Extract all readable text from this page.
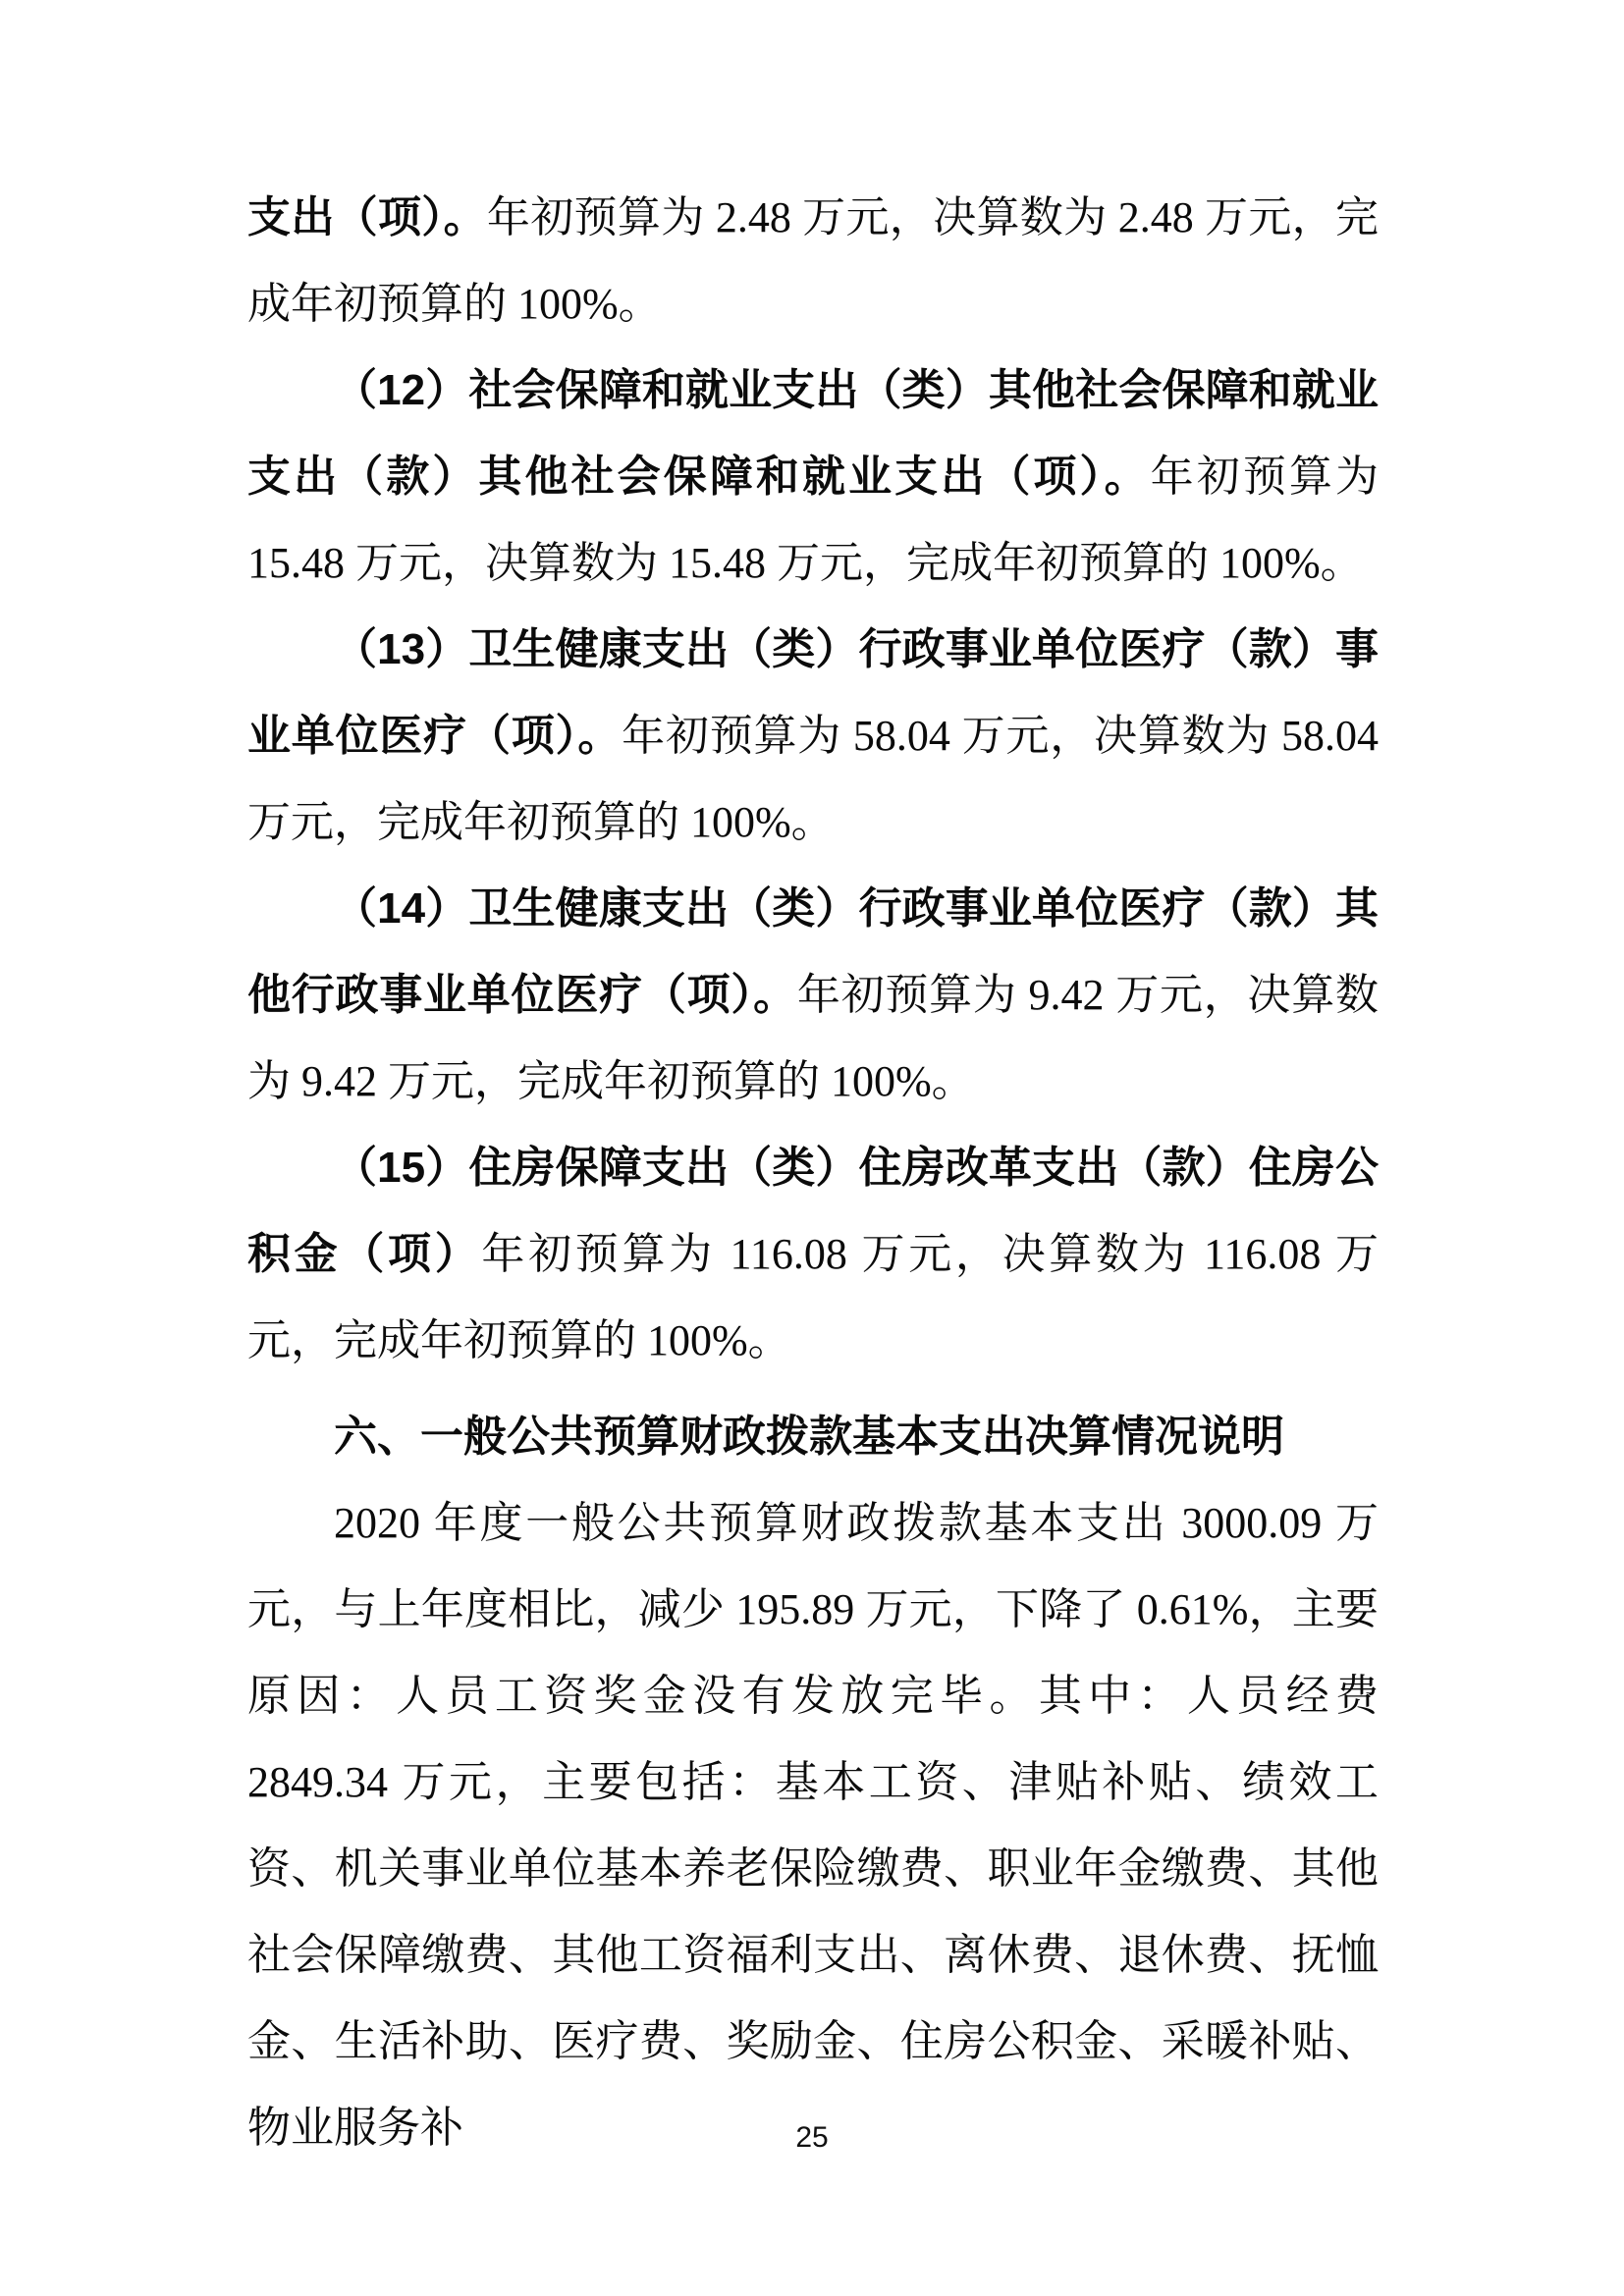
支出（项）。年初预算为 2.48 万元，决算数为 2.48 万元，完成年初预算的 100%。

（12）社会保障和就业支出（类）其他社会保障和就业支出（款）其他社会保障和就业支出（项）。年初预算为 15.48 万元，决算数为 15.48 万元，完成年初预算的 100%。

（13）卫生健康支出（类）行政事业单位医疗（款）事业单位医疗（项）。年初预算为 58.04 万元，决算数为 58.04 万元，完成年初预算的 100%。

（14）卫生健康支出（类）行政事业单位医疗（款）其他行政事业单位医疗（项）。年初预算为 9.42 万元，决算数为 9.42 万元，完成年初预算的 100%。

（15）住房保障支出（类）住房改革支出（款）住房公积金（项）年初预算为 116.08 万元，决算数为 116.08 万元，完成年初预算的 100%。

六、一般公共预算财政拨款基本支出决算情况说明

2020 年度一般公共预算财政拨款基本支出 3000.09 万元，与上年度相比，减少 195.89 万元，下降了 0.61%，主要原因：人员工资奖金没有发放完毕。其中：人员经费 2849.34 万元，主要包括：基本工资、津贴补贴、绩效工资、机关事业单位基本养老保险缴费、职业年金缴费、其他社会保障缴费、其他工资福利支出、离休费、退休费、抚恤金、生活补助、医疗费、奖励金、住房公积金、采暖补贴、物业服务补	25
